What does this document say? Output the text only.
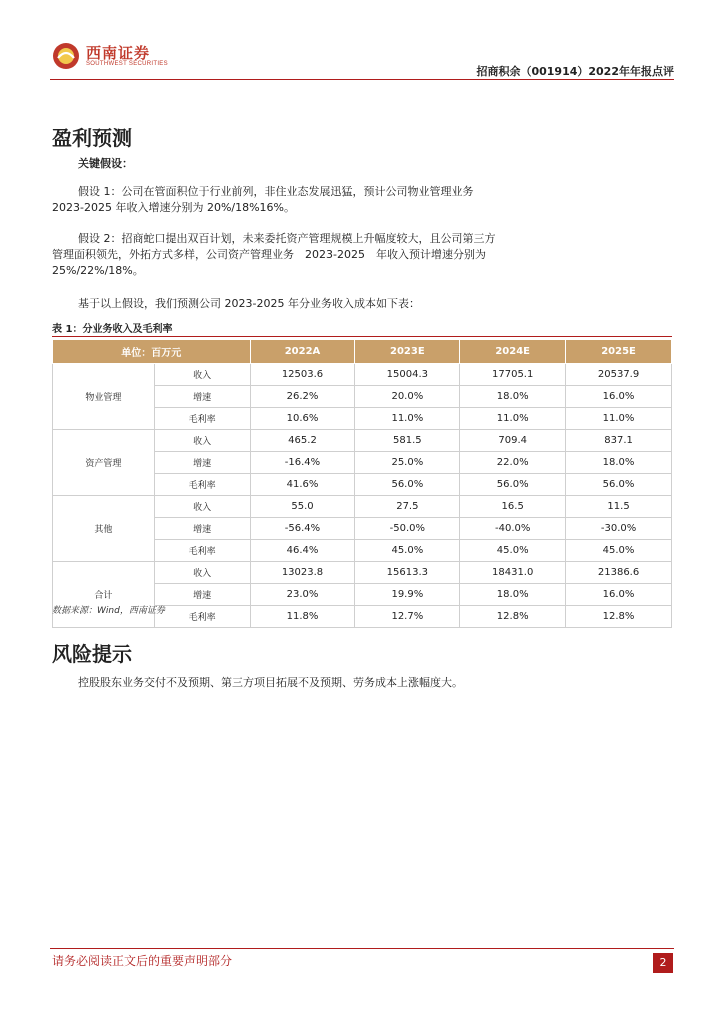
西南证券
SOUTHWEST SECURITIES
招商积余（001914）2022年年报点评
盈利预测
关键假设：
假设 1：公司在管面积位于行业前列，非住业态发展迅猛，预计公司物业管理业务
2023-2025 年收入增速分别为 20%/18%16%。
假设 2：招商蛇口提出双百计划，未来委托资产管理规模上升幅度较大，且公司第三方
管理面积领先，外拓方式多样，公司资产管理业务　2023-2025　年收入预计增速分别为
25%/22%/18%。
基于以上假设，我们预测公司 2023-2025 年分业务收入成本如下表：
表 1：分业务收入及毛利率
单位：百万元		2022A	2023E	2024E	2025E
物业管理	收入	12503.6	15004.3	17705.1	20537.9
	增速	26.2%	20.0%	18.0%	16.0%
	毛利率	10.6%	11.0%	11.0%	11.0%
资产管理	收入	465.2	581.5	709.4	837.1
	增速	-16.4%	25.0%	22.0%	18.0%
	毛利率	41.6%	56.0%	56.0%	56.0%
其他	收入	55.0	27.5	16.5	11.5
	增速	-56.4%	-50.0%	-40.0%	-30.0%
	毛利率	46.4%	45.0%	45.0%	45.0%
合计	收入	13023.8	15613.3	18431.0	21386.6
	增速	23.0%	19.9%	18.0%	16.0%
	毛利率	11.8%	12.7%	12.8%	12.8%
数据来源：Wind，西南证券
风险提示
控股股东业务交付不及预期、第三方项目拓展不及预期、劳务成本上涨幅度大。
请务必阅读正文后的重要声明部分	2
